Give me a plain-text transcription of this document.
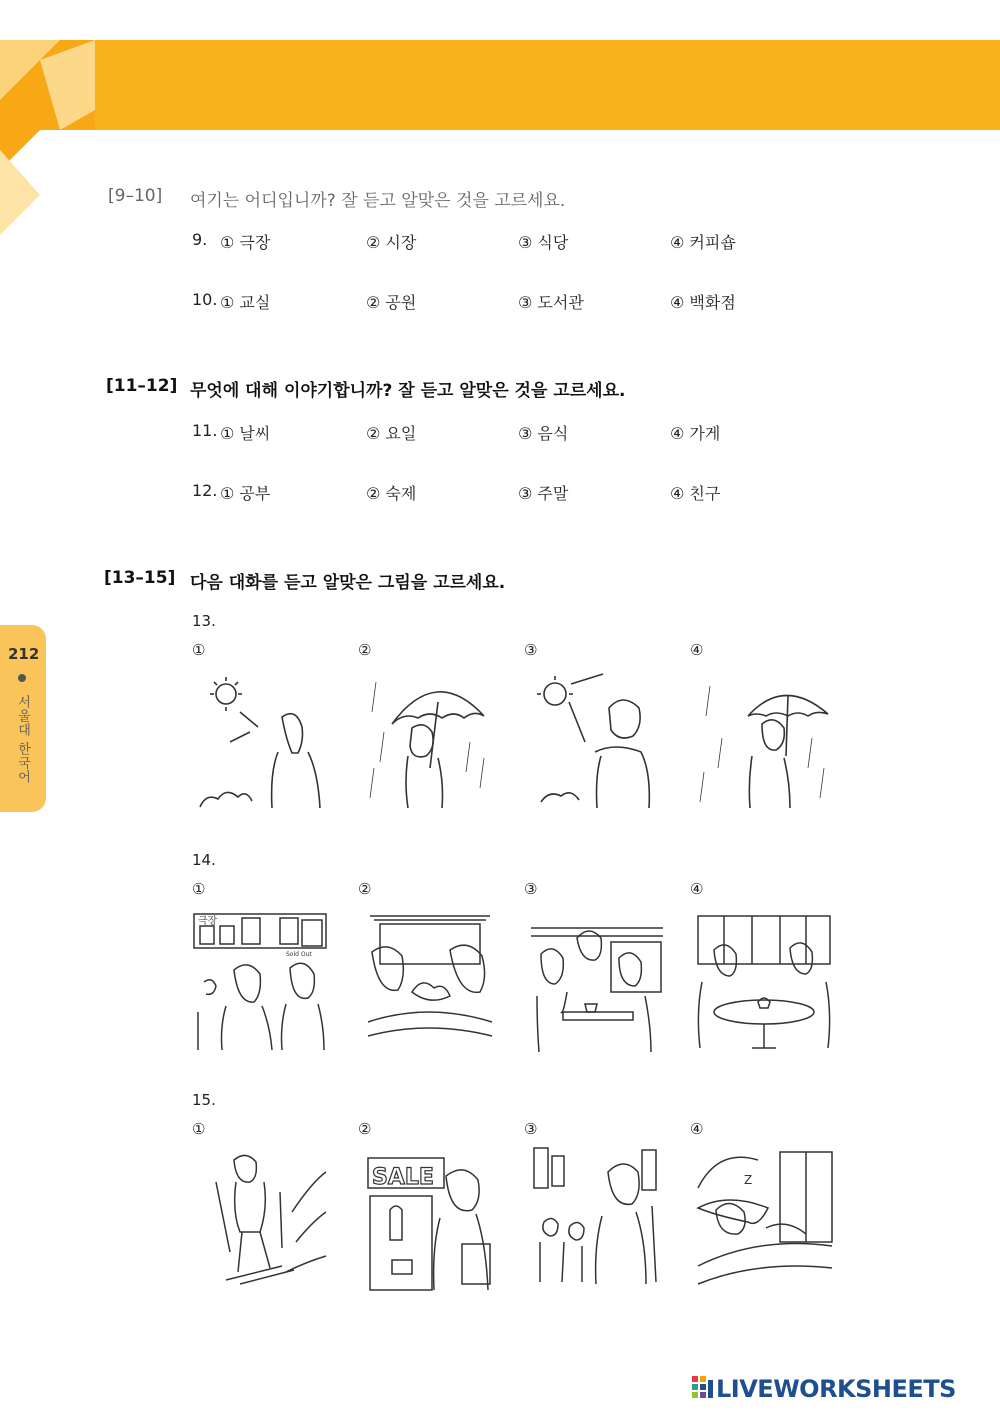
212
서울대 한국어
[9–10] 여기는 어디입니까? 잘 듣고 알맞은 것을 고르세요.
9. ① 극장	② 시장	③ 식당	④ 커피숍
10. ① 교실	② 공원	③ 도서관	④ 백화점
[11–12] 무엇에 대해 이야기합니까? 잘 듣고 알맞은 것을 고르세요.
11. ① 날씨	② 요일	③ 음식	④ 가게
12. ① 공부	② 숙제	③ 주말	④ 친구
[13–15] 다음 대화를 듣고 알맞은 그림을 고르세요.
13.
①	②	③	④
14.
①	②	③	④
극장
Sold Out
15.
①	②	③	④
SALE	Z
LIVEWORKSHEETS
